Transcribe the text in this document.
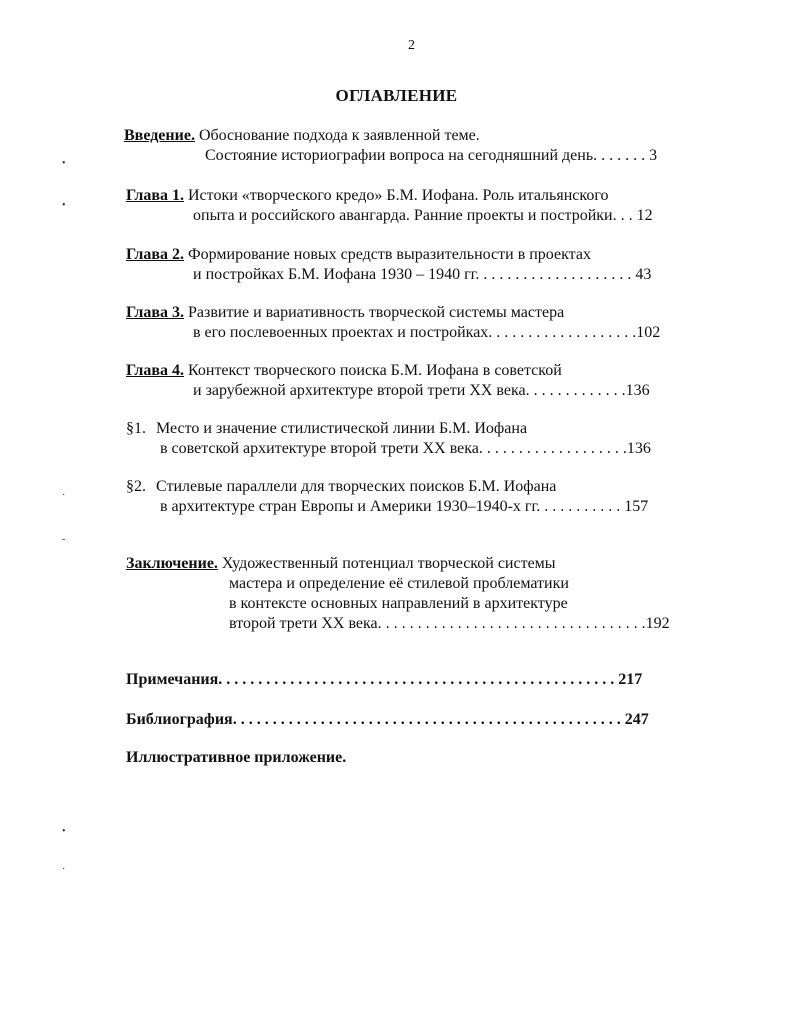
2
ОГЛАВЛЕНИЕ
Введение. Обоснование подхода к заявленной теме.
Состояние историографии вопроса на сегодняшний день. . . . . . . 3
Глава 1. Истоки «творческого кредо» Б.М. Иофана. Роль итальянского
опыта и российского авангарда. Ранние проекты и постройки. . . 12
Глава 2. Формирование новых средств выразительности в проектах
и постройках Б.М. Иофана 1930 – 1940 гг. . . . . . . . . . . . . . . . . . . . 43
Глава 3. Развитие и вариативность творческой системы мастера
в его послевоенных проектах и постройках. . . . . . . . . . . . . . . . . . .102
Глава 4. Контекст творческого поиска Б.М. Иофана в советской
и зарубежной архитектуре второй трети XX века. . . . . . . . . . . . .136
§1. Место и значение стилистической линии Б.М. Иофана
в советской архитектуре второй трети XX века. . . . . . . . . . . . . . . . . . .136
§2. Стилевые параллели для творческих поисков Б.М. Иофана
в архитектуре стран Европы и Америки 1930–1940-х гг. . . . . . . . . . . 157
Заключение. Художественный потенциал творческой системы
мастера и определение её стилевой проблематики
в контексте основных направлений в архитектуре
второй трети XX века. . . . . . . . . . . . . . . . . . . . . . . . . . . . . . . . . .192
Примечания. . . . . . . . . . . . . . . . . . . . . . . . . . . . . . . . . . . . . . . . . . . . . . . . . . 217
Библиография. . . . . . . . . . . . . . . . . . . . . . . . . . . . . . . . . . . . . . . . . . . . . . . . . 247
Иллюстративное приложение.
•
•
·
‑
•
·
